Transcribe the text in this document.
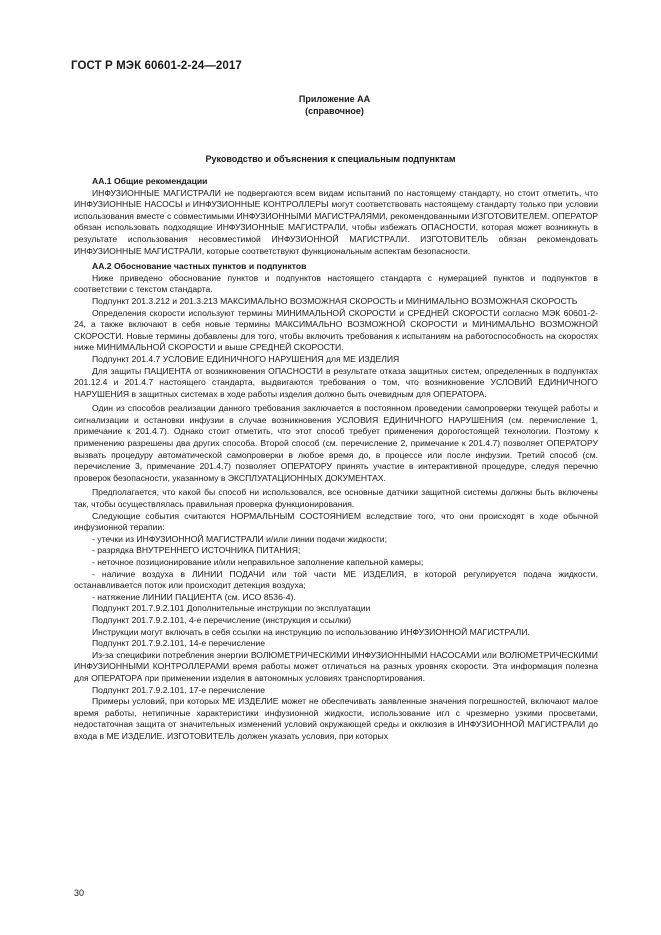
ГОСТ Р МЭК 60601-2-24—2017
Приложение АА
(справочное)
Руководство и объяснения к специальным подпунктам
АА.1 Общие рекомендации

ИНФУЗИОННЫЕ МАГИСТРАЛИ не подвергаются всем видам испытаний по настоящему стандарту, но стоит отметить, что ИНФУЗИОННЫЕ НАСОСЫ и ИНФУЗИОННЫЕ КОНТРОЛЛЕРЫ могут соответствовать настоящему стандарту только при условии использования вместе с совместимыми ИНФУЗИОННЫМИ МАГИСТРАЛЯМИ, рекомендованными ИЗГОТОВИТЕЛЕМ. ОПЕРАТОР обязан использовать подходящие ИНФУЗИОННЫЕ МАГИСТРАЛИ, чтобы избежать ОПАСНОСТИ, которая может возникнуть в результате использования несовместимой ИНФУЗИОННОЙ МАГИСТРАЛИ. ИЗГОТОВИТЕЛЬ обязан рекомендовать ИНФУЗИОННЫЕ МАГИСТРАЛИ, которые соответствуют функциональным аспектам безопасности.

АА.2 Обоснование частных пунктов и подпунктов

Ниже приведено обоснование пунктов и подпунктов настоящего стандарта с нумерацией пунктов и подпунктов в соответствии с текстом стандарта.

Подпункт 201.3.212 и 201.3.213 МАКСИМАЛЬНО ВОЗМОЖНАЯ СКОРОСТЬ и МИНИМАЛЬНО ВОЗМОЖНАЯ СКОРОСТЬ

Определения скорости используют термины МИНИМАЛЬНОЙ СКОРОСТИ и СРЕДНЕЙ СКОРОСТИ согласно МЭК 60601-2-24, а также включают в себя новые термины МАКСИМАЛЬНО ВОЗМОЖНОЙ СКОРОСТИ и МИНИМАЛЬНО ВОЗМОЖНОЙ СКОРОСТИ. Новые термины добавлены для того, чтобы включить требования к испытаниям на работоспособность на скоростях ниже МИНИМАЛЬНОЙ СКОРОСТИ и выше СРЕДНЕЙ СКОРОСТИ.

Подпункт 201.4.7 УСЛОВИЕ ЕДИНИЧНОГО НАРУШЕНИЯ для МЕ ИЗДЕЛИЯ

Для защиты ПАЦИЕНТА от возникновения ОПАСНОСТИ в результате отказа защитных систем, определенных в подпунктах 201.12.4 и 201.4.7 настоящего стандарта, выдвигаются требования о том, что возникновение УСЛОВИЙ ЕДИНИЧНОГО НАРУШЕНИЯ в защитных системах в ходе работы изделия должно быть очевидным для ОПЕРАТОРА.

Один из способов реализации данного требования заключается в постоянном проведении самопроверки текущей работы и сигнализации и остановки инфузии в случае возникновения УСЛОВИЯ ЕДИНИЧНОГО НАРУШЕНИЯ (см. перечисление 1, примечание к 201.4.7). Однако стоит отметить, что этот способ требует применения дорогостоящей технологии. Поэтому к применению разрешены два других способа. Второй способ (см. перечисление 2, примечание к 201.4.7) позволяет ОПЕРАТОРУ вызвать процедуру автоматической самопроверки в любое время до, в процессе или после инфузии. Третий способ (см. перечисление 3, примечание 201.4.7) позволяет ОПЕРАТОРУ принять участие в интерактивной процедуре, следуя перечню проверок безопасности, указанному в ЭКСПЛУАТАЦИОННЫХ ДОКУМЕНТАХ.

Предполагается, что какой бы способ ни использовался, все основные датчики защитной системы должны быть включены так, чтобы осуществлялась правильная проверка функционирования.

Следующие события считаются НОРМАЛЬНЫМ СОСТОЯНИЕМ вследствие того, что они происходят в ходе обычной инфузионной терапии:

- утечки из ИНФУЗИОННОЙ МАГИСТРАЛИ и/или линии подачи жидкости;

- разрядка ВНУТРЕННЕГО ИСТОЧНИКА ПИТАНИЯ;

- неточное позиционирование и/или неправильное заполнение капельной камеры;

- наличие воздуха в ЛИНИИ ПОДАЧИ или той части МЕ ИЗДЕЛИЯ, в которой регулируется подача жидкости, останавливается поток или происходит детекция воздуха;

- натяжение ЛИНИИ ПАЦИЕНТА (см. ИСО 8536-4).

Подпункт 201.7.9.2.101 Дополнительные инструкции по эксплуатации

Подпункт 201.7.9.2.101, 4-е перечисление (инструкция и ссылки)

Инструкции могут включать в себя ссылки на инструкцию по использованию ИНФУЗИОННОЙ МАГИСТРАЛИ.

Подпункт 201.7.9.2.101, 14-е перечисление

Из-за специфики потребления энергии ВОЛЮМЕТРИЧЕСКИМИ ИНФУЗИОННЫМИ НАСОСАМИ или ВОЛЮМЕТРИЧЕСКИМИ ИНФУЗИОННЫМИ КОНТРОЛЛЕРАМИ время работы может отличаться на разных уровнях скорости. Эта информация полезна для ОПЕРАТОРА при применении изделия в автономных условиях транспортирования.

Подпункт 201.7.9.2.101, 17-е перечисление

Примеры условий, при которых МЕ ИЗДЕЛИЕ может не обеспечивать заявленные значения погрешностей, включают малое время работы, нетипичные характеристики инфузионной жидкости, использование игл с чрезмерно узкими просветами, недостаточная защита от значительных изменений условий окружающей среды и окклюзия в ИНФУЗИОННОЙ МАГИСТРАЛИ до входа в МЕ ИЗДЕЛИЕ. ИЗГОТОВИТЕЛЬ должен указать условия, при которых

30
